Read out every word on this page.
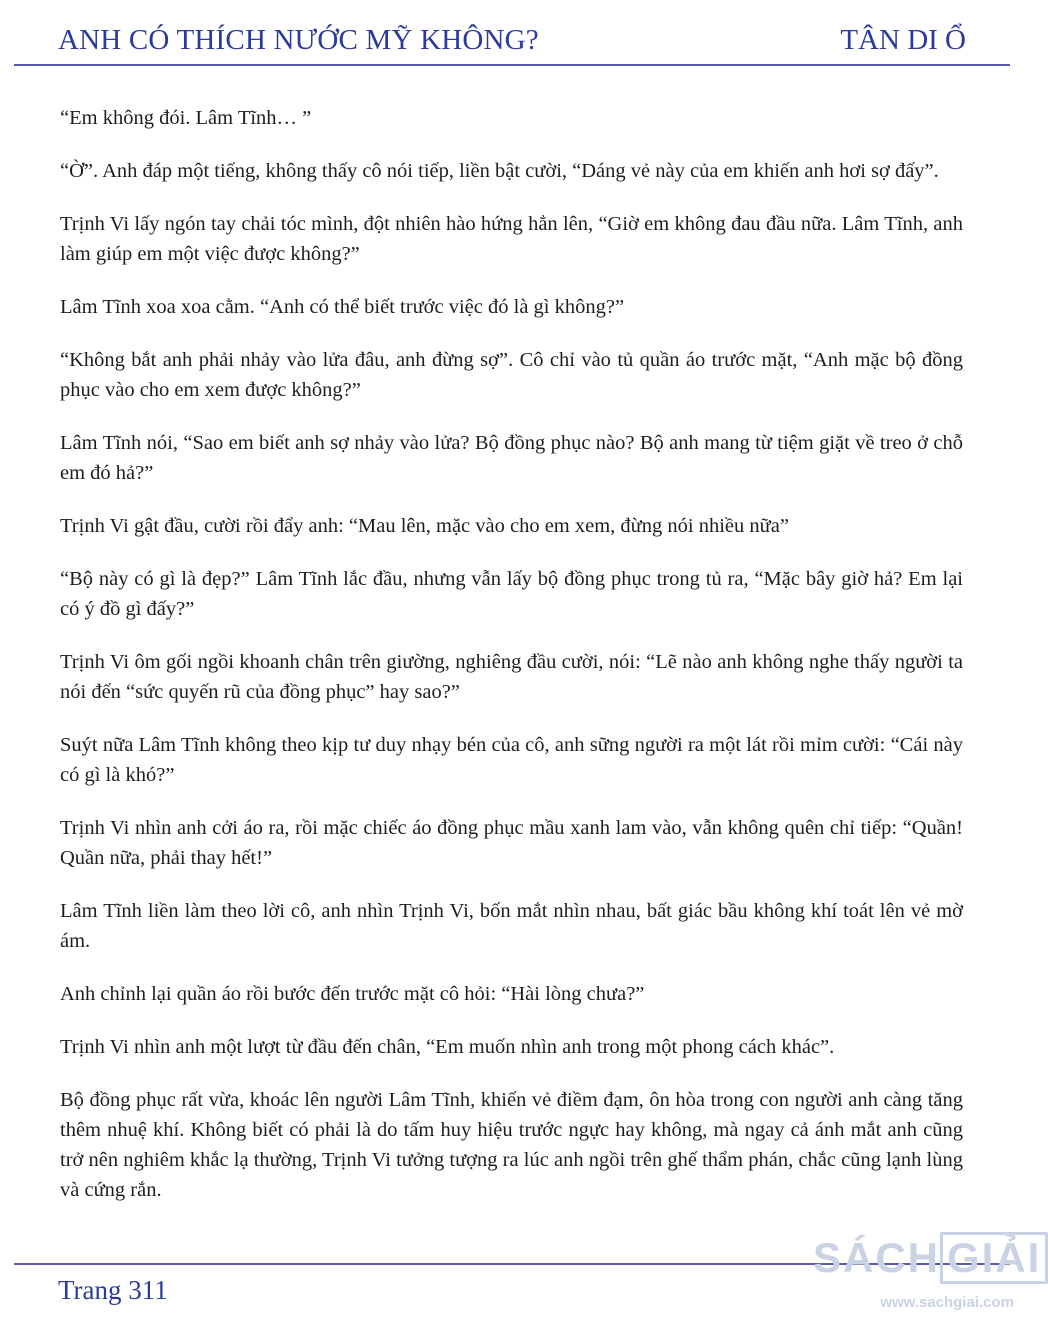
ANH CÓ THÍCH NƯỚC MỸ KHÔNG?	TÂN DI Ổ

“Em không đói. Lâm Tĩnh… ”

“Ờ”. Anh đáp một tiếng, không thấy cô nói tiếp, liền bật cười, “Dáng vẻ này của em khiến anh hơi sợ đấy”.

Trịnh Vi lấy ngón tay chải tóc mình, đột nhiên hào hứng hẳn lên, “Giờ em không đau đầu nữa. Lâm Tĩnh, anh làm giúp em một việc được không?”

Lâm Tĩnh xoa xoa cằm. “Anh có thể biết trước việc đó là gì không?”

“Không bắt anh phải nhảy vào lửa đâu, anh đừng sợ”. Cô chỉ vào tủ quần áo trước mặt, “Anh mặc bộ đồng phục vào cho em xem được không?”

Lâm Tĩnh nói, “Sao em biết anh sợ nhảy vào lửa? Bộ đồng phục nào? Bộ anh mang từ tiệm giặt về treo ở chỗ em đó hả?”

Trịnh Vi gật đầu, cười rồi đẩy anh: “Mau lên, mặc vào cho em xem, đừng nói nhiều nữa”

“Bộ này có gì là đẹp?” Lâm Tĩnh lắc đầu, nhưng vẫn lấy bộ đồng phục trong tủ ra, “Mặc bây giờ hả? Em lại có ý đồ gì đấy?”

Trịnh Vi ôm gối ngồi khoanh chân trên giường, nghiêng đầu cười, nói: “Lẽ nào anh không nghe thấy người ta nói đến “sức quyến rũ của đồng phục” hay sao?”

Suýt nữa Lâm Tĩnh không theo kịp tư duy nhạy bén của cô, anh sững người ra một lát rồi mỉm cười: “Cái này có gì là khó?”

Trịnh Vi nhìn anh cởi áo ra, rồi mặc chiếc áo đồng phục mầu xanh lam vào, vẫn không quên chỉ tiếp: “Quần! Quần nữa, phải thay hết!”

Lâm Tĩnh liền làm theo lời cô, anh nhìn Trịnh Vi, bốn mắt nhìn nhau, bất giác bầu không khí toát lên vẻ mờ ám.

Anh chỉnh lại quần áo rồi bước đến trước mặt cô hỏi: “Hài lòng chưa?”

Trịnh Vi nhìn anh một lượt từ đầu đến chân, “Em muốn nhìn anh trong một phong cách khác”.

Bộ đồng phục rất vừa, khoác lên người Lâm Tĩnh, khiến vẻ điềm đạm, ôn hòa trong con người anh càng tăng thêm nhuệ khí. Không biết có phải là do tấm huy hiệu trước ngực hay không, mà ngay cả ánh mắt anh cũng trở nên nghiêm khắc lạ thường, Trịnh Vi tưởng tượng ra lúc anh ngồi trên ghế thẩm phán, chắc cũng lạnh lùng và cứng rắn.

Trang 311
SÁCH GIẢI
www.sachgiai.com
